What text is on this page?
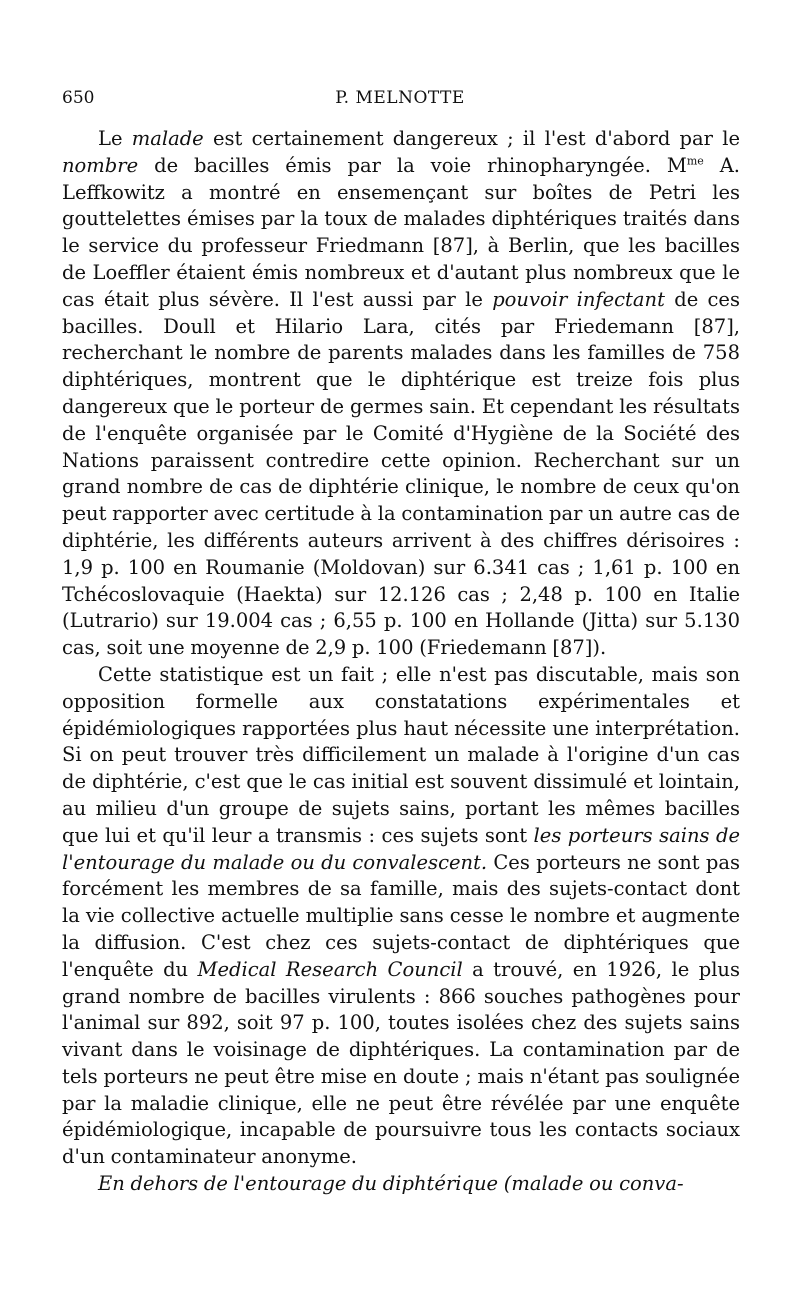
650	P. MELNOTTE

Le malade est certainement dangereux ; il l'est d'abord par le nombre de bacilles émis par la voie rhinopharyngée. $M^{me}$ A. Leffkowitz a montré en ensemençant sur boîtes de Petri les gouttelettes émises par la toux de malades diphtériques traités dans le service du professeur Friedmann [87], à Berlin, que les bacilles de Loeffler étaient émis nombreux et d'autant plus nombreux que le cas était plus sévère. Il l'est aussi par le pouvoir infectant de ces bacilles. Doull et Hilario Lara, cités par Friedemann [87], recherchant le nombre de parents malades dans les familles de 758 diphtériques, montrent que le diphtérique est treize fois plus dangereux que le porteur de germes sain. Et cependant les résultats de l'enquête organisée par le Comité d'Hygiène de la Société des Nations paraissent contredire cette opinion. Recherchant sur un grand nombre de cas de diphtérie clinique, le nombre de ceux qu'on peut rapporter avec certitude à la contamination par un autre cas de diphtérie, les différents auteurs arrivent à des chiffres dérisoires : 1,9 p. 100 en Roumanie (Moldovan) sur 6.341 cas ; 1,61 p. 100 en Tchécoslovaquie (Haekta) sur 12.126 cas ; 2,48 p. 100 en Italie (Lutrario) sur 19.004 cas ; 6,55 p. 100 en Hollande (Jitta) sur 5.130 cas, soit une moyenne de 2,9 p. 100 (Friedemann [87]).

Cette statistique est un fait ; elle n'est pas discutable, mais son opposition formelle aux constatations expérimentales et épidémiologiques rapportées plus haut nécessite une interprétation. Si on peut trouver très difficilement un malade à l'origine d'un cas de diphtérie, c'est que le cas initial est souvent dissimulé et lointain, au milieu d'un groupe de sujets sains, portant les mêmes bacilles que lui et qu'il leur a transmis : ces sujets sont les porteurs sains de l'entourage du malade ou du convalescent. Ces porteurs ne sont pas forcément les membres de sa famille, mais des sujets-contact dont la vie collective actuelle multiplie sans cesse le nombre et augmente la diffusion. C'est chez ces sujets-contact de diphtériques que l'enquête du Medical Research Council a trouvé, en 1926, le plus grand nombre de bacilles virulents : 866 souches pathogènes pour l'animal sur 892, soit 97 p. 100, toutes isolées chez des sujets sains vivant dans le voisinage de diphtériques. La contamination par de tels porteurs ne peut être mise en doute ; mais n'étant pas soulignée par la maladie clinique, elle ne peut être révélée par une enquête épidémiologique, incapable de poursuivre tous les contacts sociaux d'un contaminateur anonyme.

En dehors de l'entourage du diphtérique (malade ou conva-
